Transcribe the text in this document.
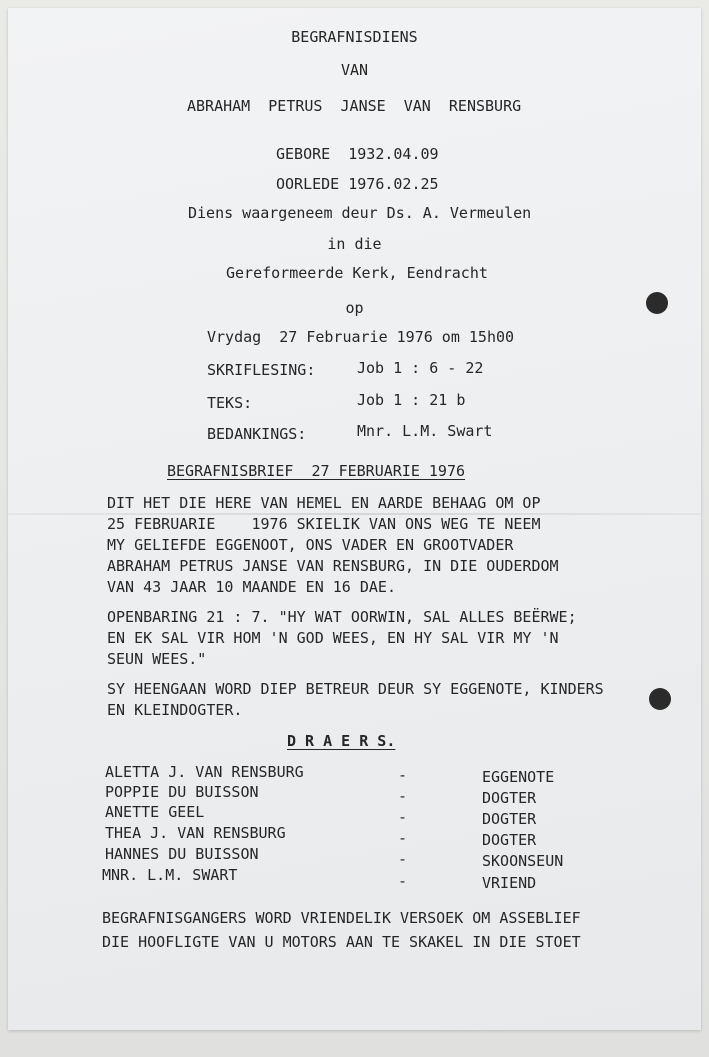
BEGRAFNISDIENS
VAN
ABRAHAM  PETRUS  JANSE  VAN  RENSBURG
GEBORE  1932.04.09
OORLEDE 1976.02.25
Diens waargeneem deur Ds. A. Vermeulen
in die
Gereformeerde Kerk, Eendracht
op
Vrydag  27 Februarie 1976 om 15h00
SKRIFLESING:	Job 1 : 6 - 22
TEKS:	Job 1 : 21 b
BEDANKINGS:	Mnr. L.M. Swart
BEGRAFNISBRIEF  27 FEBRUARIE 1976
DIT HET DIE HERE VAN HEMEL EN AARDE BEHAAG OM OP
25 FEBRUARIE    1976 SKIELIK VAN ONS WEG TE NEEM
MY GELIEFDE EGGENOOT, ONS VADER EN GROOTVADER
ABRAHAM PETRUS JANSE VAN RENSBURG, IN DIE OUDERDOM
VAN 43 JAAR 10 MAANDE EN 16 DAE.
OPENBARING 21 : 7. "HY WAT OORWIN, SAL ALLES BEËRWE;
EN EK SAL VIR HOM 'N GOD WEES, EN HY SAL VIR MY 'N
SEUN WEES."
SY HEENGAAN WORD DIEP BETREUR DEUR SY EGGENOTE, KINDERS
EN KLEINDOGTER.
D R A E R S.
ALETTA J. VAN RENSBURG	-	EGGENOTE
POPPIE DU BUISSON	-	DOGTER
ANETTE GEEL	-	DOGTER
THEA J. VAN RENSBURG	-	DOGTER
HANNES DU BUISSON	-	SKOONSEUN
MNR. L.M. SWART	-	VRIEND
BEGRAFNISGANGERS WORD VRIENDELIK VERSOEK OM ASSEBLIEF
DIE HOOFLIGTE VAN U MOTORS AAN TE SKAKEL IN DIE STOET
